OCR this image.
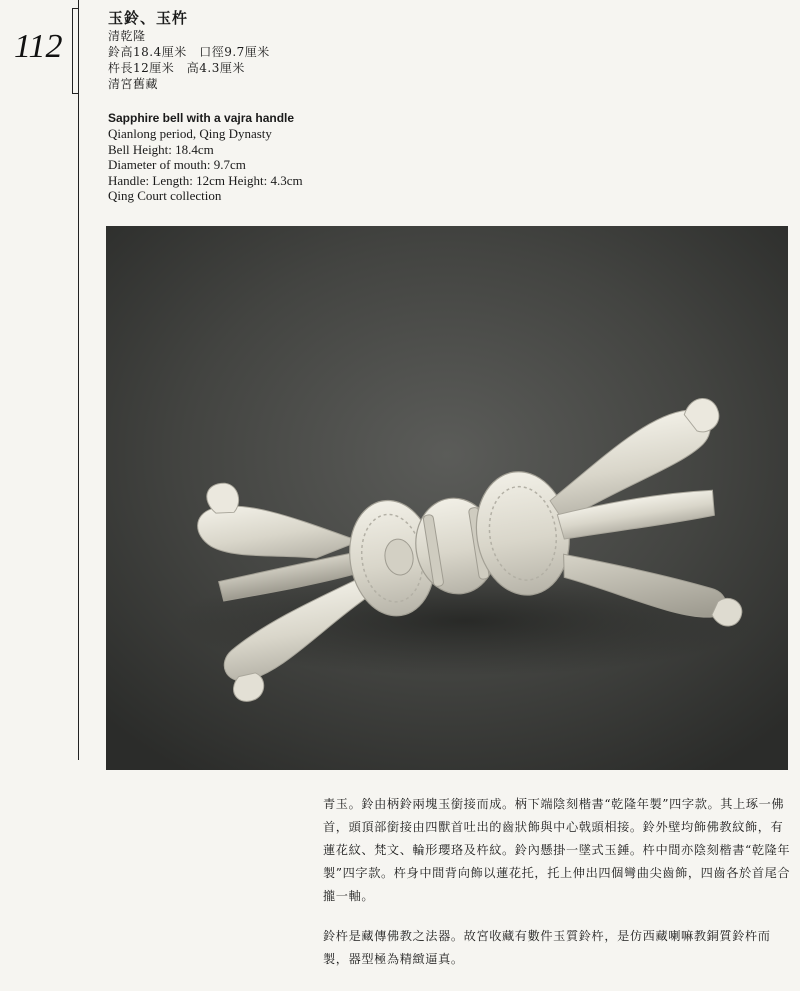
112
玉鈴、玉杵
清乾隆
鈴高18.4厘米　口徑9.7厘米
杵長12厘米　高4.3厘米
清宮舊藏
Sapphire bell with a vajra handle
Qianlong period, Qing Dynasty
Bell Height: 18.4cm
Diameter of mouth: 9.7cm
Handle: Length: 12cm Height: 4.3cm
Qing Court collection

青玉。鈴由柄鈴兩塊玉銜接而成。柄下端陰刻楷書“乾隆年製”四字款。其上琢一佛首，頭頂部銜接由四獸首吐出的齒狀飾與中心戟頭相接。鈴外壁均飾佛教紋飾，有蓮花紋、梵文、輪形瓔珞及杵紋。鈴內懸掛一墜式玉錘。杵中間亦陰刻楷書“乾隆年製”四字款。杵身中間背向飾以蓮花托，托上伸出四個彎曲尖齒飾，四齒各於首尾合攏一軸。

鈴杵是藏傳佛教之法器。故宮收藏有數件玉質鈴杵，是仿西藏喇嘛教銅質鈴杵而製，器型極為精緻逼真。
